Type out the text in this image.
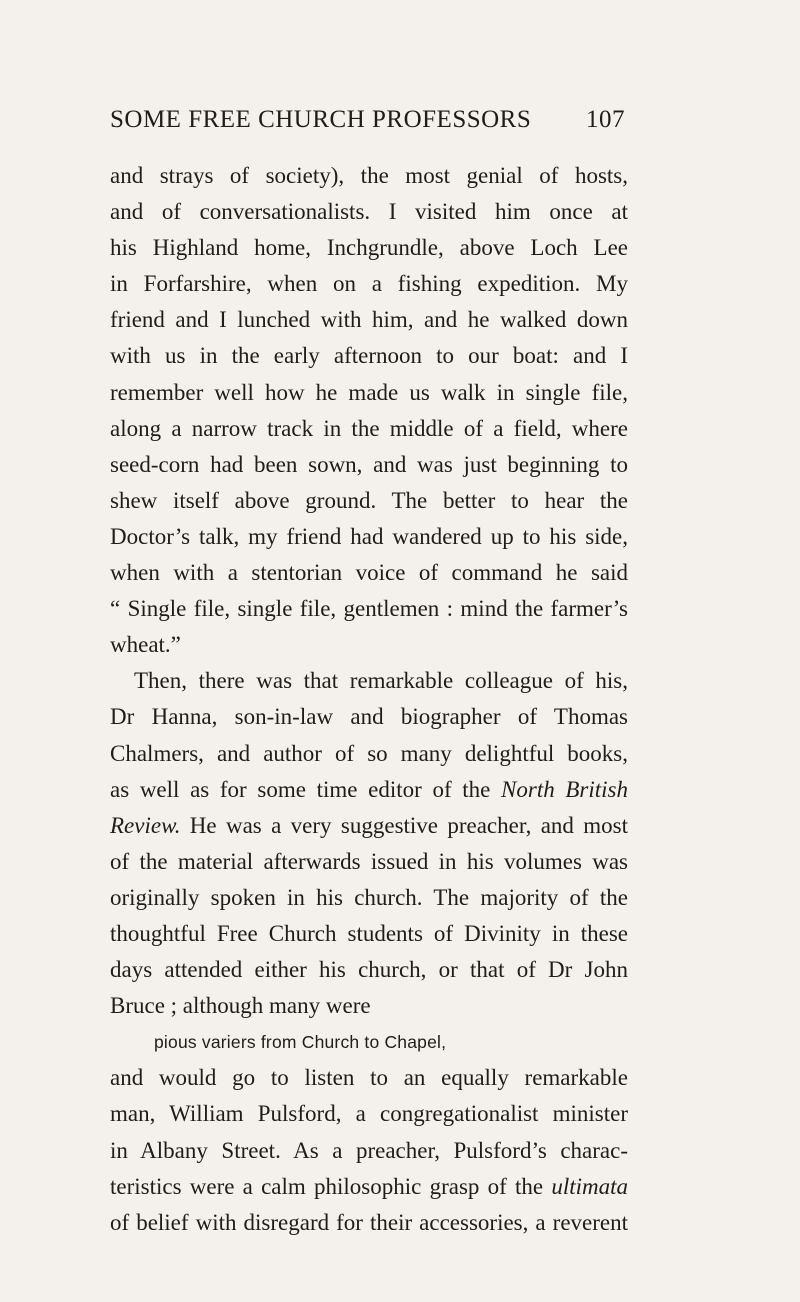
SOME FREE CHURCH PROFESSORS 107
and strays of society), the most genial of hosts,
and of conversationalists. I visited him once at
his Highland home, Inchgrundle, above Loch Lee
in Forfarshire, when on a fishing expedition. My
friend and I lunched with him, and he walked down
with us in the early afternoon to our boat: and I
remember well how he made us walk in single file,
along a narrow track in the middle of a field, where
seed-corn had been sown, and was just beginning to
shew itself above ground. The better to hear the
Doctor’s talk, my friend had wandered up to his side,
when with a stentorian voice of command he said
“ Single file, single file, gentlemen : mind the farmer’s
wheat.”
Then, there was that remarkable colleague of his,
Dr Hanna, son-in-law and biographer of Thomas
Chalmers, and author of so many delightful books,
as well as for some time editor of the North British
Review. He was a very suggestive preacher, and most
of the material afterwards issued in his volumes was
originally spoken in his church. The majority of the
thoughtful Free Church students of Divinity in these
days attended either his church, or that of Dr John
Bruce ; although many were
pious variers from Church to Chapel,
and would go to listen to an equally remarkable
man, William Pulsford, a congregationalist minister
in Albany Street. As a preacher, Pulsford’s charac-
teristics were a calm philosophic grasp of the ultimata
of belief with disregard for their accessories, a reverent
